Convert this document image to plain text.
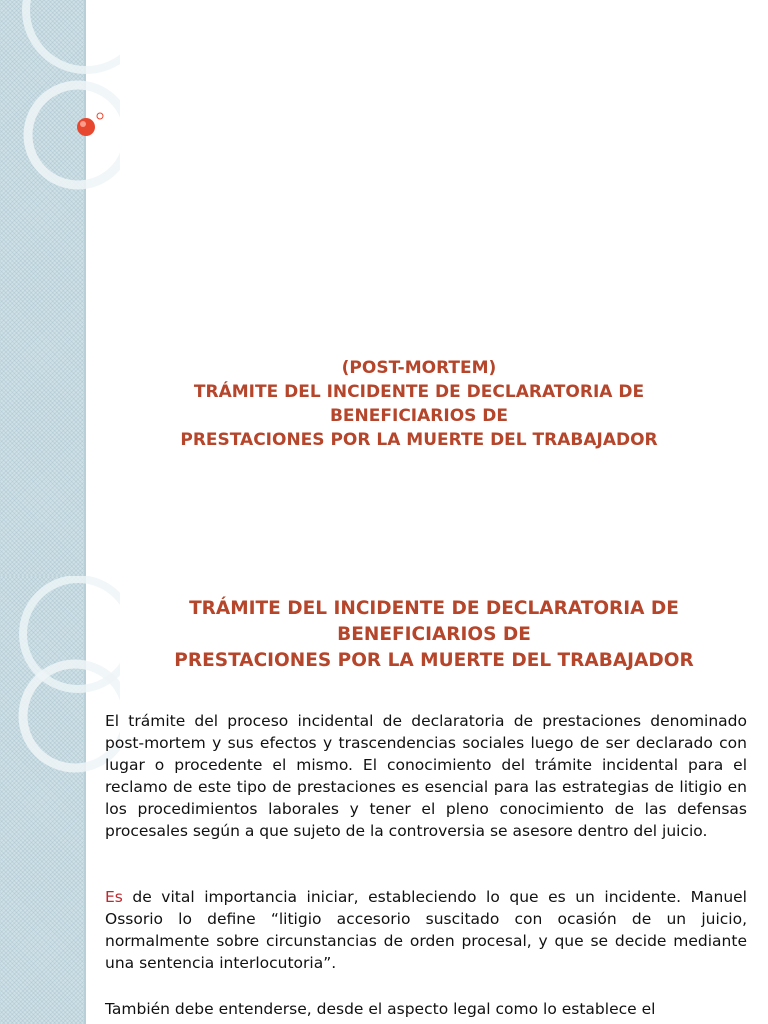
(POST-MORTEM)
TRÁMITE DEL INCIDENTE DE DECLARATORIA DE
BENEFICIARIOS DE
PRESTACIONES POR LA MUERTE DEL TRABAJADOR
TRÁMITE DEL INCIDENTE DE DECLARATORIA DE
BENEFICIARIOS DE
PRESTACIONES POR LA MUERTE DEL TRABAJADOR

El trámite del proceso incidental de declaratoria de prestaciones denominado post-mortem y sus efectos y trascendencias sociales luego de ser declarado con lugar o procedente el mismo. El conocimiento del trámite incidental para el reclamo de este tipo de prestaciones es esencial para las estrategias de litigio en los procedimientos laborales y tener el pleno conocimiento de las defensas procesales según a que sujeto de la controversia se asesore dentro del juicio.

Es de vital importancia iniciar, estableciendo lo que es un incidente. Manuel Ossorio lo define “litigio accesorio suscitado con ocasión de un juicio, normalmente sobre circunstancias de orden procesal, y que se decide mediante una sentencia interlocutoria”.

También debe entenderse, desde el aspecto legal como lo establece el
